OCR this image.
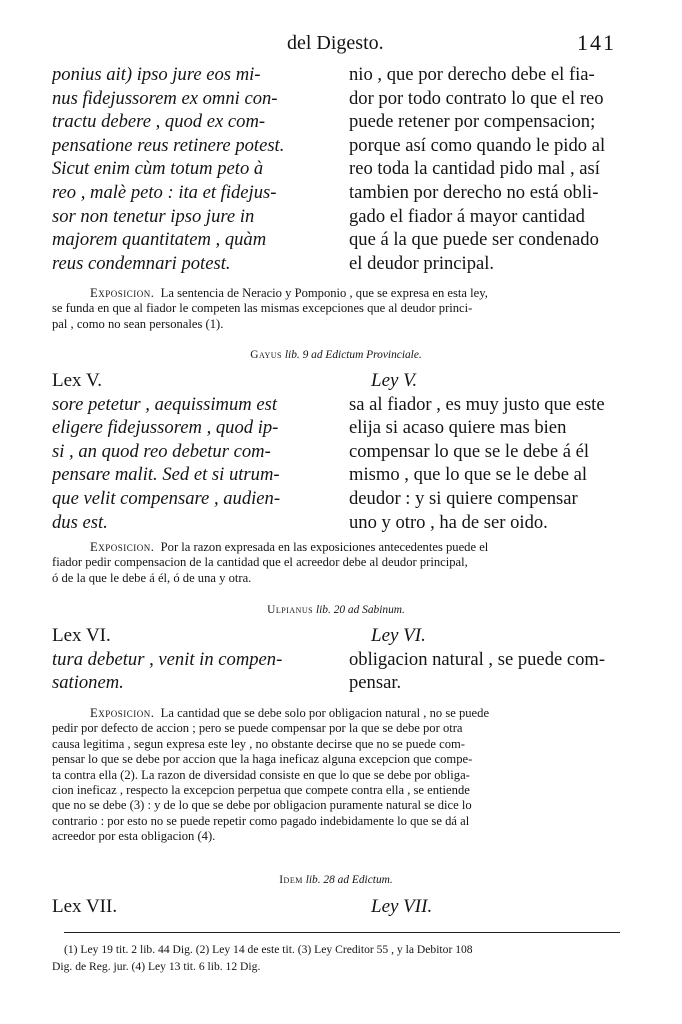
del Digesto.	141
ponius ait) ipso jure eos mi-
nus fidejussorem ex omni con-
tractu debere , quod ex com-
pensatione reus retinere potest.
Sicut enim cùm totum peto à
reo , malè peto : ita et fidejus-
sor non tenetur ipso jure in
majorem quantitatem , quàm
reus condemnari potest.
nio , que por derecho debe el fia-
dor por todo contrato lo que el reo
puede retener por compensacion;
porque así como quando le pido al
reo toda la cantidad pido mal , así
tambien por derecho no está obli-
gado el fiador á mayor cantidad
que á la que puede ser condenado
el deudor principal.
Exposicion. La sentencia de Neracio y Pomponio , que se expresa en esta ley,
se funda en que al fiador le competen las mismas excepciones que al deudor princi-
pal , como no sean personales (1).
Gayus lib. 9 ad Edictum Provinciale.
Lex V.

sore petetur , aequissimum est
eligere fidejussorem , quod ip-
si , an quod reo debetur com-
pensare malit. Sed et si utrum-
que velit compensare , audien-
dus est.
Ley V.

sa al fiador , es muy justo que este
elija si acaso quiere mas bien
compensar lo que se le debe á él
mismo , que lo que se le debe al
deudor : y si quiere compensar
uno y otro , ha de ser oido.
Exposicion. Por la razon expresada en las exposiciones antecedentes puede el
fiador pedir compensacion de la cantidad que el acreedor debe al deudor principal,
ó de la que le debe á él, ó de una y otra.
Ulpianus lib. 20 ad Sabinum.
Lex VI.

tura debetur , venit in compen-
sationem.
Ley VI.

obligacion natural , se puede com-
pensar.
Exposicion. La cantidad que se debe solo por obligacion natural , no se puede
pedir por defecto de accion ; pero se puede compensar por la que se debe por otra
causa legitima , segun expresa este ley , no obstante decirse que no se puede com-
pensar lo que se debe por accion que la haga ineficaz alguna excepcion que compe-
ta contra ella (2). La razon de diversidad consiste en que lo que se debe por obliga-
cion ineficaz , respecto la excepcion perpetua que compete contra ella , se entiende
que no se debe (3) : y de lo que se debe por obligacion puramente natural se dice lo
contrario : por esto no se puede repetir como pagado indebidamente lo que se dá al
acreedor por esta obligacion (4).
Idem lib. 28 ad Edictum.
Lex VII.
	Ley VII.

(1) Ley 19 tit. 2 lib. 44 Dig. (2) Ley 14 de este tit. (3) Ley Creditor 55 , y la Debitor 108
Dig. de Reg. jur. (4) Ley 13 tit. 6 lib. 12 Dig.
